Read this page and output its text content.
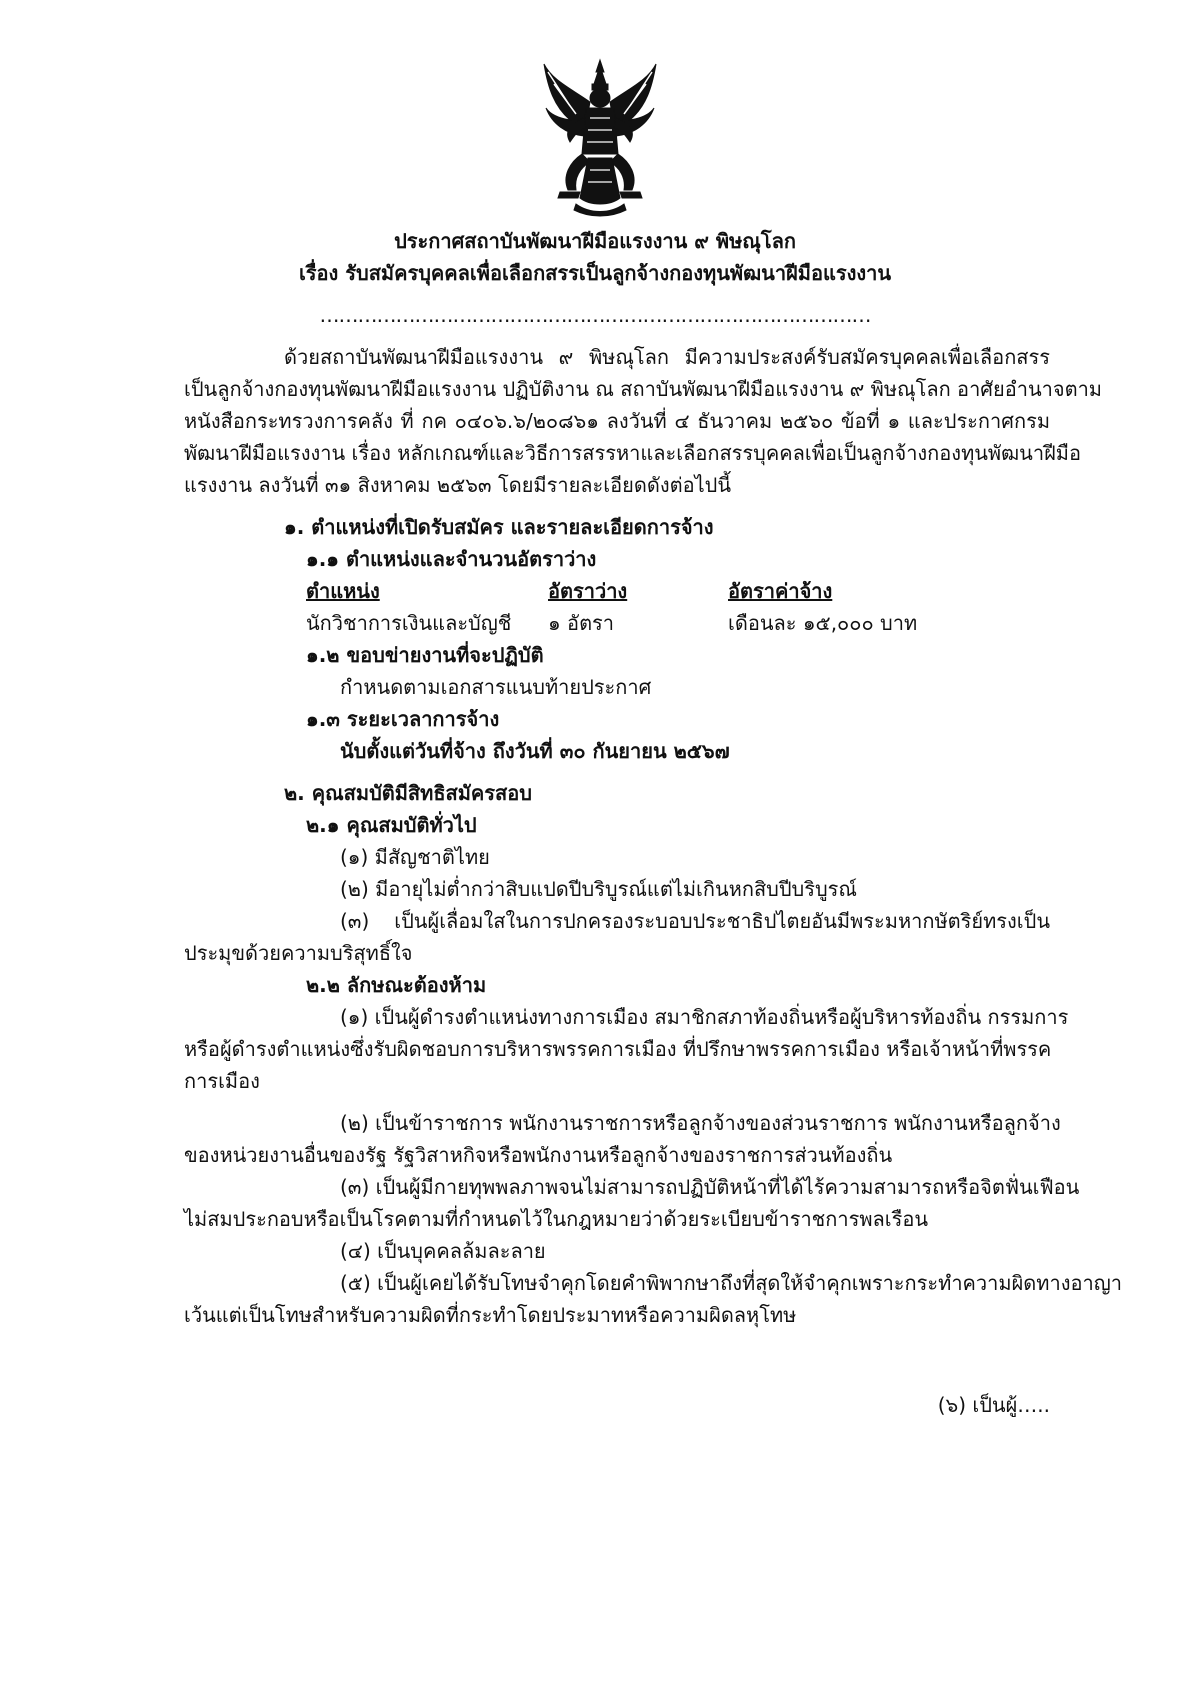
ประกาศสถาบันพัฒนาฝีมือแรงงาน ๙ พิษณุโลก
เรื่อง รับสมัครบุคคลเพื่อเลือกสรรเป็นลูกจ้างกองทุนพัฒนาฝีมือแรงงาน
……………………………………………………………………………
ด้วยสถาบันพัฒนาฝีมือแรงงาน ๙ พิษณุโลก มีความประสงค์รับสมัครบุคคลเพื่อเลือกสรร
เป็นลูกจ้างกองทุนพัฒนาฝีมือแรงงาน ปฏิบัติงาน ณ สถาบันพัฒนาฝีมือแรงงาน ๙ พิษณุโลก อาศัยอำนาจตาม
หนังสือกระทรวงการคลัง ที่ กค ๐๔๐๖.๖/๒๐๘๖๑ ลงวันที่ ๔ ธันวาคม ๒๕๖๐ ข้อที่ ๑ และประกาศกรม
พัฒนาฝีมือแรงงาน เรื่อง หลักเกณฑ์และวิธีการสรรหาและเลือกสรรบุคคลเพื่อเป็นลูกจ้างกองทุนพัฒนาฝีมือ
แรงงาน ลงวันที่ ๓๑ สิงหาคม ๒๕๖๓ โดยมีรายละเอียดดังต่อไปนี้
๑. ตำแหน่งที่เปิดรับสมัคร และรายละเอียดการจ้าง
๑.๑ ตำแหน่งและจำนวนอัตราว่าง
ตำแหน่ง	อัตราว่าง	อัตราค่าจ้าง
นักวิชาการเงินและบัญชี ๑ อัตรา	เดือนละ ๑๕,๐๐๐ บาท
๑.๒ ขอบข่ายงานที่จะปฏิบัติ
กำหนดตามเอกสารแนบท้ายประกาศ
๑.๓ ระยะเวลาการจ้าง
นับตั้งแต่วันที่จ้าง ถึงวันที่ ๓๐ กันยายน ๒๕๖๗
๒. คุณสมบัติมีสิทธิสมัครสอบ
๒.๑ คุณสมบัติทั่วไป
(๑) มีสัญชาติไทย
(๒) มีอายุไม่ต่ำกว่าสิบแปดปีบริบูรณ์แต่ไม่เกินหกสิบปีบริบูรณ์
(๓) เป็นผู้เลื่อมใสในการปกครองระบอบประชาธิปไตยอันมีพระมหากษัตริย์ทรงเป็น
ประมุขด้วยความบริสุทธิ์ใจ
๒.๒ ลักษณะต้องห้าม
(๑) เป็นผู้ดำรงตำแหน่งทางการเมือง สมาชิกสภาท้องถิ่นหรือผู้บริหารท้องถิ่น กรรมการ
หรือผู้ดำรงตำแหน่งซึ่งรับผิดชอบการบริหารพรรคการเมือง ที่ปรึกษาพรรคการเมือง หรือเจ้าหน้าที่พรรค
การเมือง
(๒) เป็นข้าราชการ พนักงานราชการหรือลูกจ้างของส่วนราชการ พนักงานหรือลูกจ้าง
ของหน่วยงานอื่นของรัฐ รัฐวิสาหกิจหรือพนักงานหรือลูกจ้างของราชการส่วนท้องถิ่น
(๓) เป็นผู้มีกายทุพพลภาพจนไม่สามารถปฏิบัติหน้าที่ได้ไร้ความสามารถหรือจิตฟั่นเฟือน
ไม่สมประกอบหรือเป็นโรคตามที่กำหนดไว้ในกฎหมายว่าด้วยระเบียบข้าราชการพลเรือน
(๔) เป็นบุคคลล้มละลาย
(๕) เป็นผู้เคยได้รับโทษจำคุกโดยคำพิพากษาถึงที่สุดให้จำคุกเพราะกระทำความผิดทางอาญา
เว้นแต่เป็นโทษสำหรับความผิดที่กระทำโดยประมาทหรือความผิดลหุโทษ
(๖) เป็นผู้…..
